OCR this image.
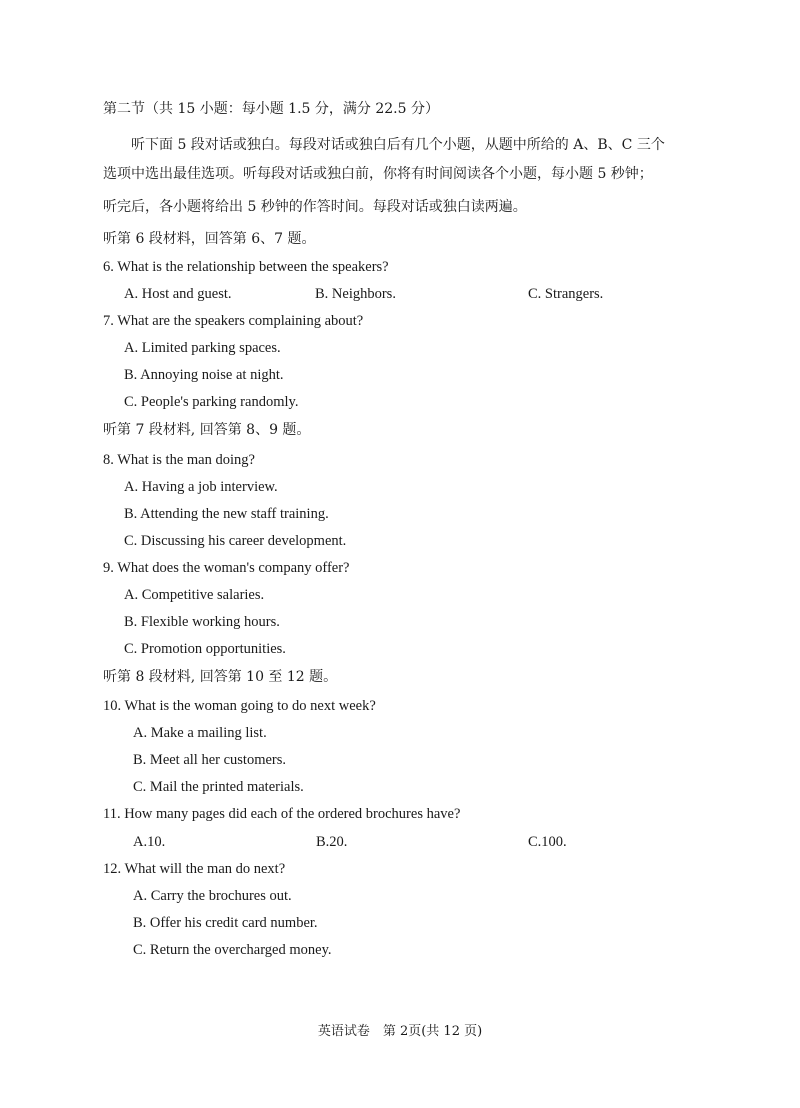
第二节（共 15 小题：每小题 1.5 分，满分 22.5 分）
听下面 5 段对话或独白。每段对话或独白后有几个小题，从题中所给的 A、B、C 三个
选项中选出最佳选项。听每段对话或独白前，你将有时间阅读各个小题，每小题 5 秒钟；
听完后，各小题将给出 5 秒钟的作答时间。每段对话或独白读两遍。
听第 6 段材料，回答第 6、7 题。
6. What is the relationship between the speakers?
A. Host and guest.	B. Neighbors.	C. Strangers.
7. What are the speakers complaining about?
A. Limited parking spaces.
B. Annoying noise at night.
C. People's parking randomly.
听第 7 段材料, 回答第 8、9 题。
8. What is the man doing?
A. Having a job interview.
B. Attending the new staff training.
C. Discussing his career development.
9. What does the woman's company offer?
A. Competitive salaries.
B. Flexible working hours.
C. Promotion opportunities.
听第 8 段材料, 回答第 10 至 12 题。
10. What is the woman going to do next week?
A. Make a mailing list.
B. Meet all her customers.
C. Mail the printed materials.
11. How many pages did each of the ordered brochures have?
A.10.	B.20.	C.100.
12. What will the man do next?
A. Carry the brochures out.
B. Offer his credit card number.
C. Return the overcharged money.
英语试卷　第 2页(共 12 页)
